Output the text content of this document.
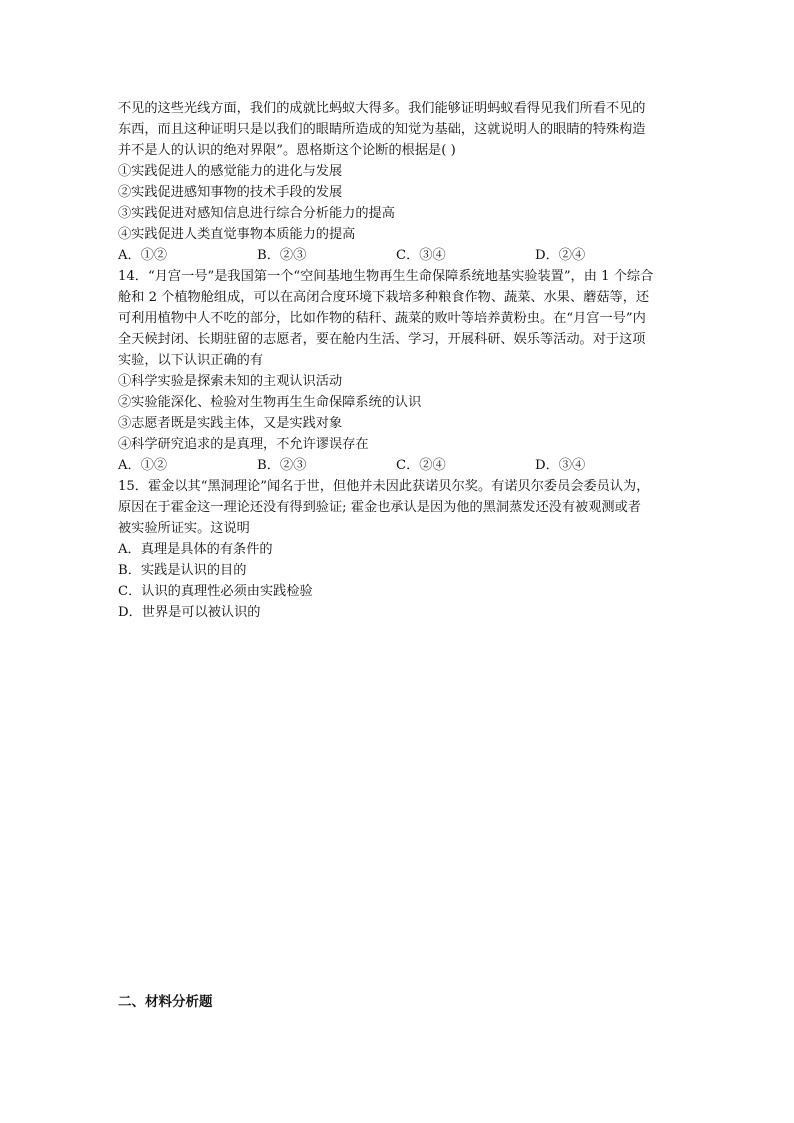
不见的这些光线方面，我们的成就比蚂蚁大得多。我们能够证明蚂蚁看得见我们所看不见的
东西，而且这种证明只是以我们的眼睛所造成的知觉为基础，这就说明人的眼睛的特殊构造
并不是人的认识的绝对界限”。恩格斯这个论断的根据是( )
①实践促进人的感觉能力的进化与发展
②实践促进感知事物的技术手段的发展
③实践促进对感知信息进行综合分析能力的提高
④实践促进人类直觉事物本质能力的提高
A．①②	B．②③	C．③④	D．②④
14．“月宫一号”是我国第一个“空间基地生物再生生命保障系统地基实验装置”，由 1 个综合
舱和 2 个植物舱组成，可以在高闭合度环境下栽培多种粮食作物、蔬菜、水果、蘑菇等，还
可利用植物中人不吃的部分，比如作物的秸秆、蔬菜的败叶等培养黄粉虫。在“月宫一号”内
全天候封闭、长期驻留的志愿者，要在舱内生活、学习，开展科研、娱乐等活动。对于这项
实验，以下认识正确的有
①科学实验是探索未知的主观认识活动
②实验能深化、检验对生物再生生命保障系统的认识
③志愿者既是实践主体，又是实践对象
④科学研究追求的是真理，不允许谬误存在
A．①②	B．②③	C．②④	D．③④
15．霍金以其“黑洞理论”闻名于世，但他并未因此获诺贝尔奖。有诺贝尔委员会委员认为，
原因在于霍金这一理论还没有得到验证; 霍金也承认是因为他的黑洞蒸发还没有被观测或者
被实验所证实。这说明
A．真理是具体的有条件的
B．实践是认识的目的
C．认识的真理性必须由实践检验
D．世界是可以被认识的
二、材料分析题
